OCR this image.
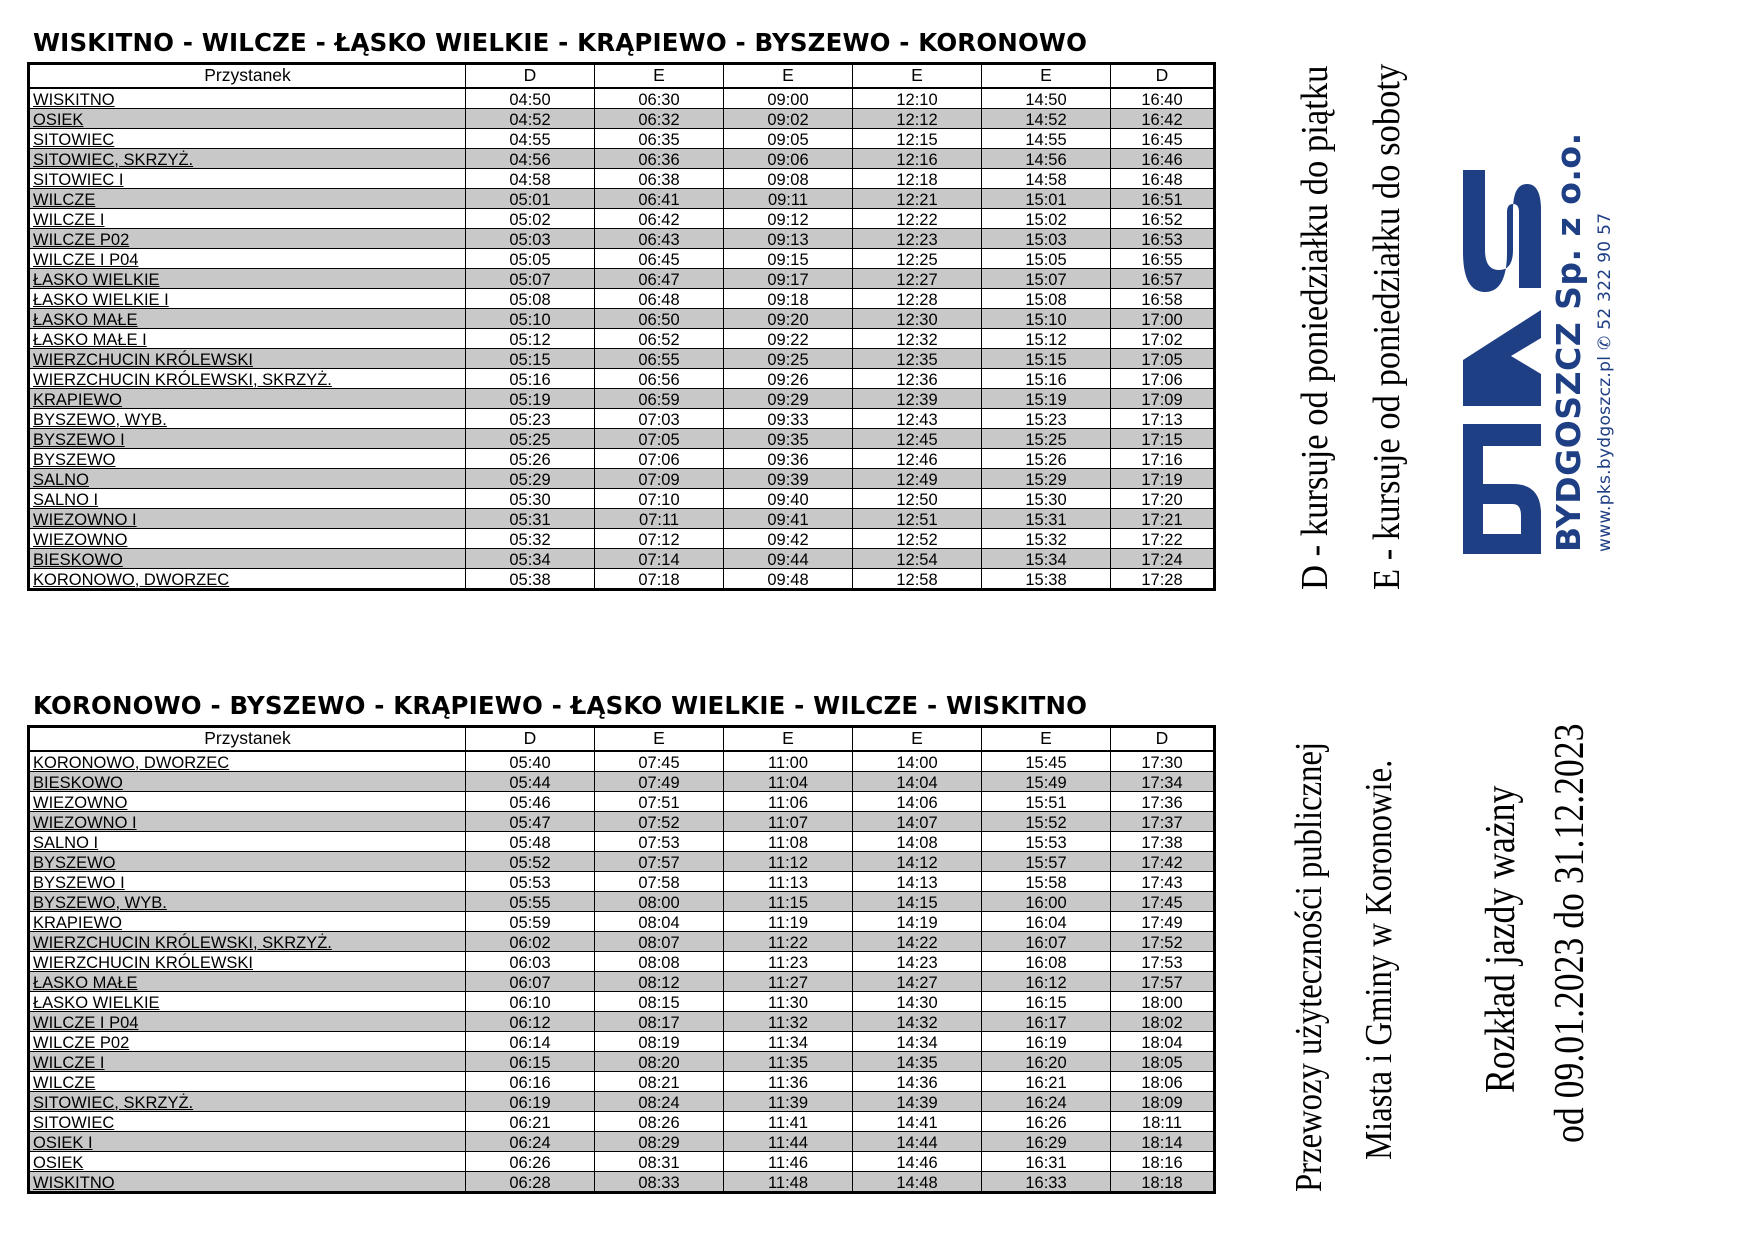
WISKITNO - WILCZE - ŁĄSKO WIELKIE - KRĄPIEWO - BYSZEWO - KORONOWO
Przystanek	D	E	E	E	E	D
WISKITNO	04:50	06:30	09:00	12:10	14:50	16:40
OSIEK	04:52	06:32	09:02	12:12	14:52	16:42
SITOWIEC	04:55	06:35	09:05	12:15	14:55	16:45
SITOWIEC, SKRZYŻ.	04:56	06:36	09:06	12:16	14:56	16:46
SITOWIEC I	04:58	06:38	09:08	12:18	14:58	16:48
WILCZE	05:01	06:41	09:11	12:21	15:01	16:51
WILCZE I	05:02	06:42	09:12	12:22	15:02	16:52
WILCZE P02	05:03	06:43	09:13	12:23	15:03	16:53
WILCZE I P04	05:05	06:45	09:15	12:25	15:05	16:55
ŁASKO WIELKIE	05:07	06:47	09:17	12:27	15:07	16:57
ŁASKO WIELKIE I	05:08	06:48	09:18	12:28	15:08	16:58
ŁASKO MAŁE	05:10	06:50	09:20	12:30	15:10	17:00
ŁASKO MAŁE I	05:12	06:52	09:22	12:32	15:12	17:02
WIERZCHUCIN KRÓLEWSKI	05:15	06:55	09:25	12:35	15:15	17:05
WIERZCHUCIN KRÓLEWSKI, SKRZYŻ.	05:16	06:56	09:26	12:36	15:16	17:06
KRAPIEWO	05:19	06:59	09:29	12:39	15:19	17:09
BYSZEWO, WYB.	05:23	07:03	09:33	12:43	15:23	17:13
BYSZEWO I	05:25	07:05	09:35	12:45	15:25	17:15
BYSZEWO	05:26	07:06	09:36	12:46	15:26	17:16
SALNO	05:29	07:09	09:39	12:49	15:29	17:19
SALNO I	05:30	07:10	09:40	12:50	15:30	17:20
WIEZOWNO I	05:31	07:11	09:41	12:51	15:31	17:21
WIEZOWNO	05:32	07:12	09:42	12:52	15:32	17:22
BIESKOWO	05:34	07:14	09:44	12:54	15:34	17:24
KORONOWO, DWORZEC	05:38	07:18	09:48	12:58	15:38	17:28
KORONOWO - BYSZEWO - KRĄPIEWO - ŁĄSKO WIELKIE - WILCZE - WISKITNO
Przystanek	D	E	E	E	E	D
KORONOWO, DWORZEC	05:40	07:45	11:00	14:00	15:45	17:30
BIESKOWO	05:44	07:49	11:04	14:04	15:49	17:34
WIEZOWNO	05:46	07:51	11:06	14:06	15:51	17:36
WIEZOWNO I	05:47	07:52	11:07	14:07	15:52	17:37
SALNO I	05:48	07:53	11:08	14:08	15:53	17:38
BYSZEWO	05:52	07:57	11:12	14:12	15:57	17:42
BYSZEWO I	05:53	07:58	11:13	14:13	15:58	17:43
BYSZEWO, WYB.	05:55	08:00	11:15	14:15	16:00	17:45
KRAPIEWO	05:59	08:04	11:19	14:19	16:04	17:49
WIERZCHUCIN KRÓLEWSKI, SKRZYŻ.	06:02	08:07	11:22	14:22	16:07	17:52
WIERZCHUCIN KRÓLEWSKI	06:03	08:08	11:23	14:23	16:08	17:53
ŁASKO MAŁE	06:07	08:12	11:27	14:27	16:12	17:57
ŁASKO WIELKIE	06:10	08:15	11:30	14:30	16:15	18:00
WILCZE I P04	06:12	08:17	11:32	14:32	16:17	18:02
WILCZE P02	06:14	08:19	11:34	14:34	16:19	18:04
WILCZE I	06:15	08:20	11:35	14:35	16:20	18:05
WILCZE	06:16	08:21	11:36	14:36	16:21	18:06
SITOWIEC, SKRZYŻ.	06:19	08:24	11:39	14:39	16:24	18:09
SITOWIEC	06:21	08:26	11:41	14:41	16:26	18:11
OSIEK I	06:24	08:29	11:44	14:44	16:29	18:14
OSIEK	06:26	08:31	11:46	14:46	16:31	18:16
WISKITNO	06:28	08:33	11:48	14:48	16:33	18:18
D - kursuje od poniedziałku do piątku E - kursuje od poniedziałku do soboty	BYDGOSZCZ Sp. z o.o. www.pks.bydgoszcz.pl ✆ 52 322 90 57
Przewozy użyteczności publicznej Miasta i Gminy w Koronowie. Rozkład jazdy ważny od 09.01.2023 do 31.12.2023
